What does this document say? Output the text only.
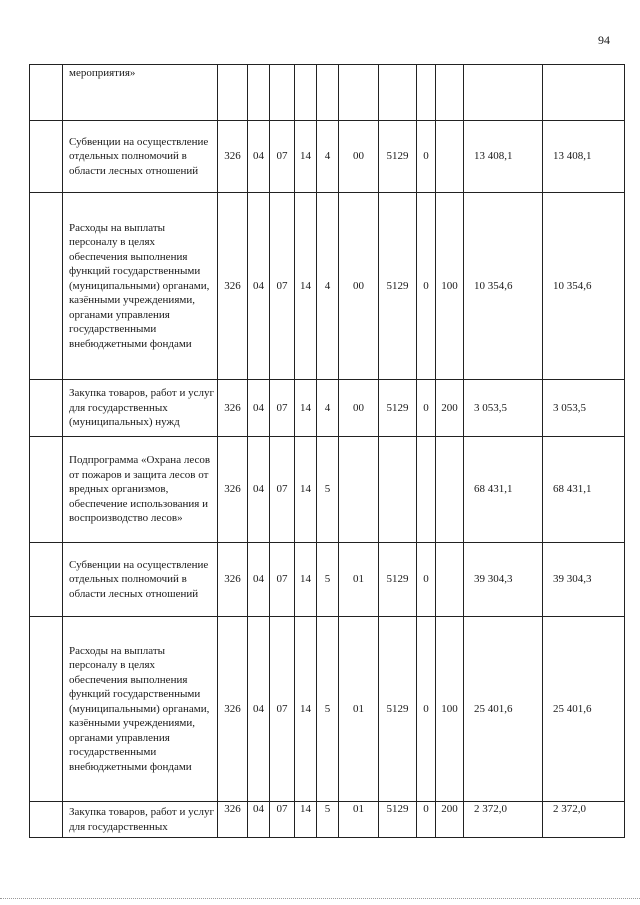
94
	мероприятия»											
	Субвенции на осуществление отдельных полномочий в области лесных отношений	326	04	07	14	4	00	5129	0		13 408,1	13 408,1
	Расходы на выплаты персоналу в целях обеспечения выполнения функций государственными (муниципальными) органами, казёнными учреждениями, органами управления государственными внебюджетными фондами	326	04	07	14	4	00	5129	0	100	10 354,6	10 354,6
	Закупка товаров, работ и услуг для государственных (муниципальных) нужд	326	04	07	14	4	00	5129	0	200	3 053,5	3 053,5
	Подпрограмма «Охрана лесов от пожаров и защита лесов от вредных организмов, обеспечение использования и воспроизводство лесов»	326	04	07	14	5					68 431,1	68 431,1
	Субвенции на осуществление отдельных полномочий в области лесных отношений	326	04	07	14	5	01	5129	0		39 304,3	39 304,3
	Расходы на выплаты персоналу в целях обеспечения выполнения функций государственными (муниципальными) органами, казёнными учреждениями, органами управления государственными внебюджетными фондами	326	04	07	14	5	01	5129	0	100	25 401,6	25 401,6
	Закупка товаров, работ и услуг для государственных	326	04	07	14	5	01	5129	0	200	2 372,0	2 372,0
